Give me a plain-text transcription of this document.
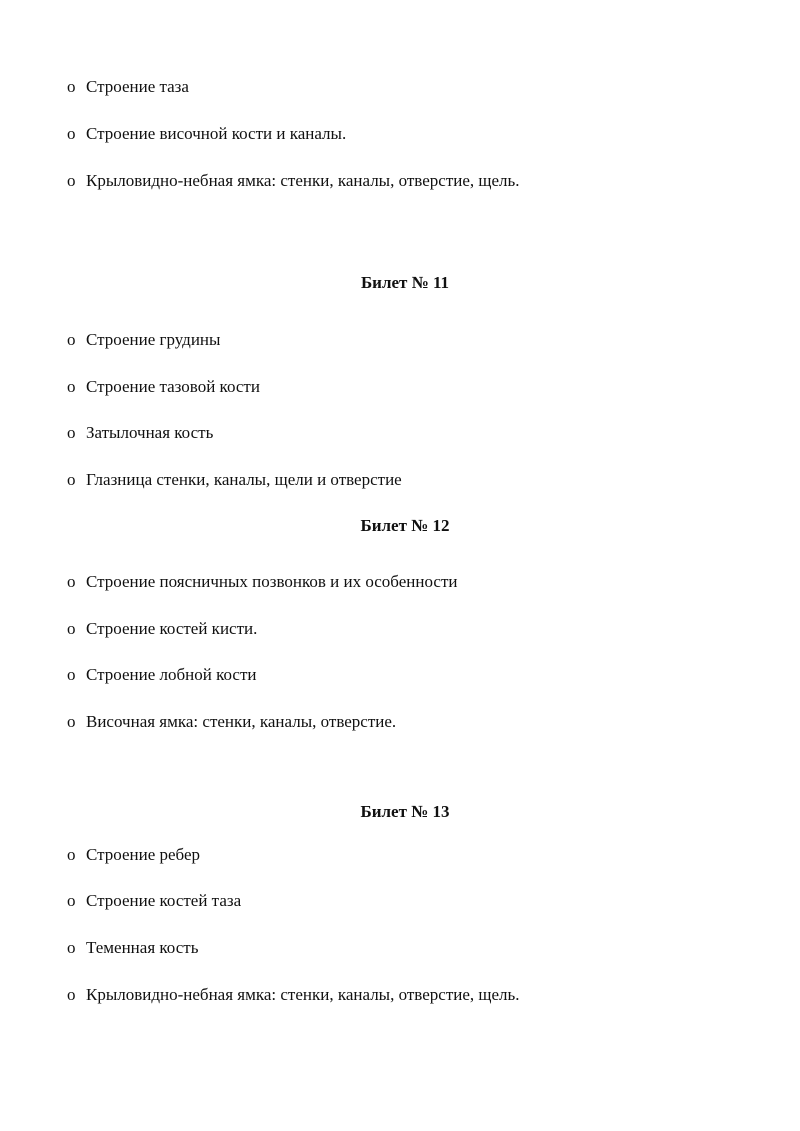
o Строение таза
o Строение височной кости и каналы.
o Крыловидно-небная ямка: стенки, каналы, отверстие, щель.
Билет № 11
o Строение грудины
o Строение тазовой кости
o Затылочная кость
o Глазница стенки, каналы, щели и отверстие
Билет № 12
o Строение поясничных позвонков и их особенности
o Строение костей кисти.
o Строение лобной кости
o Височная ямка: стенки, каналы, отверстие.
Билет № 13
o Строение ребер
o Строение костей таза
o Теменная кость
o Крыловидно-небная ямка: стенки, каналы, отверстие, щель.
